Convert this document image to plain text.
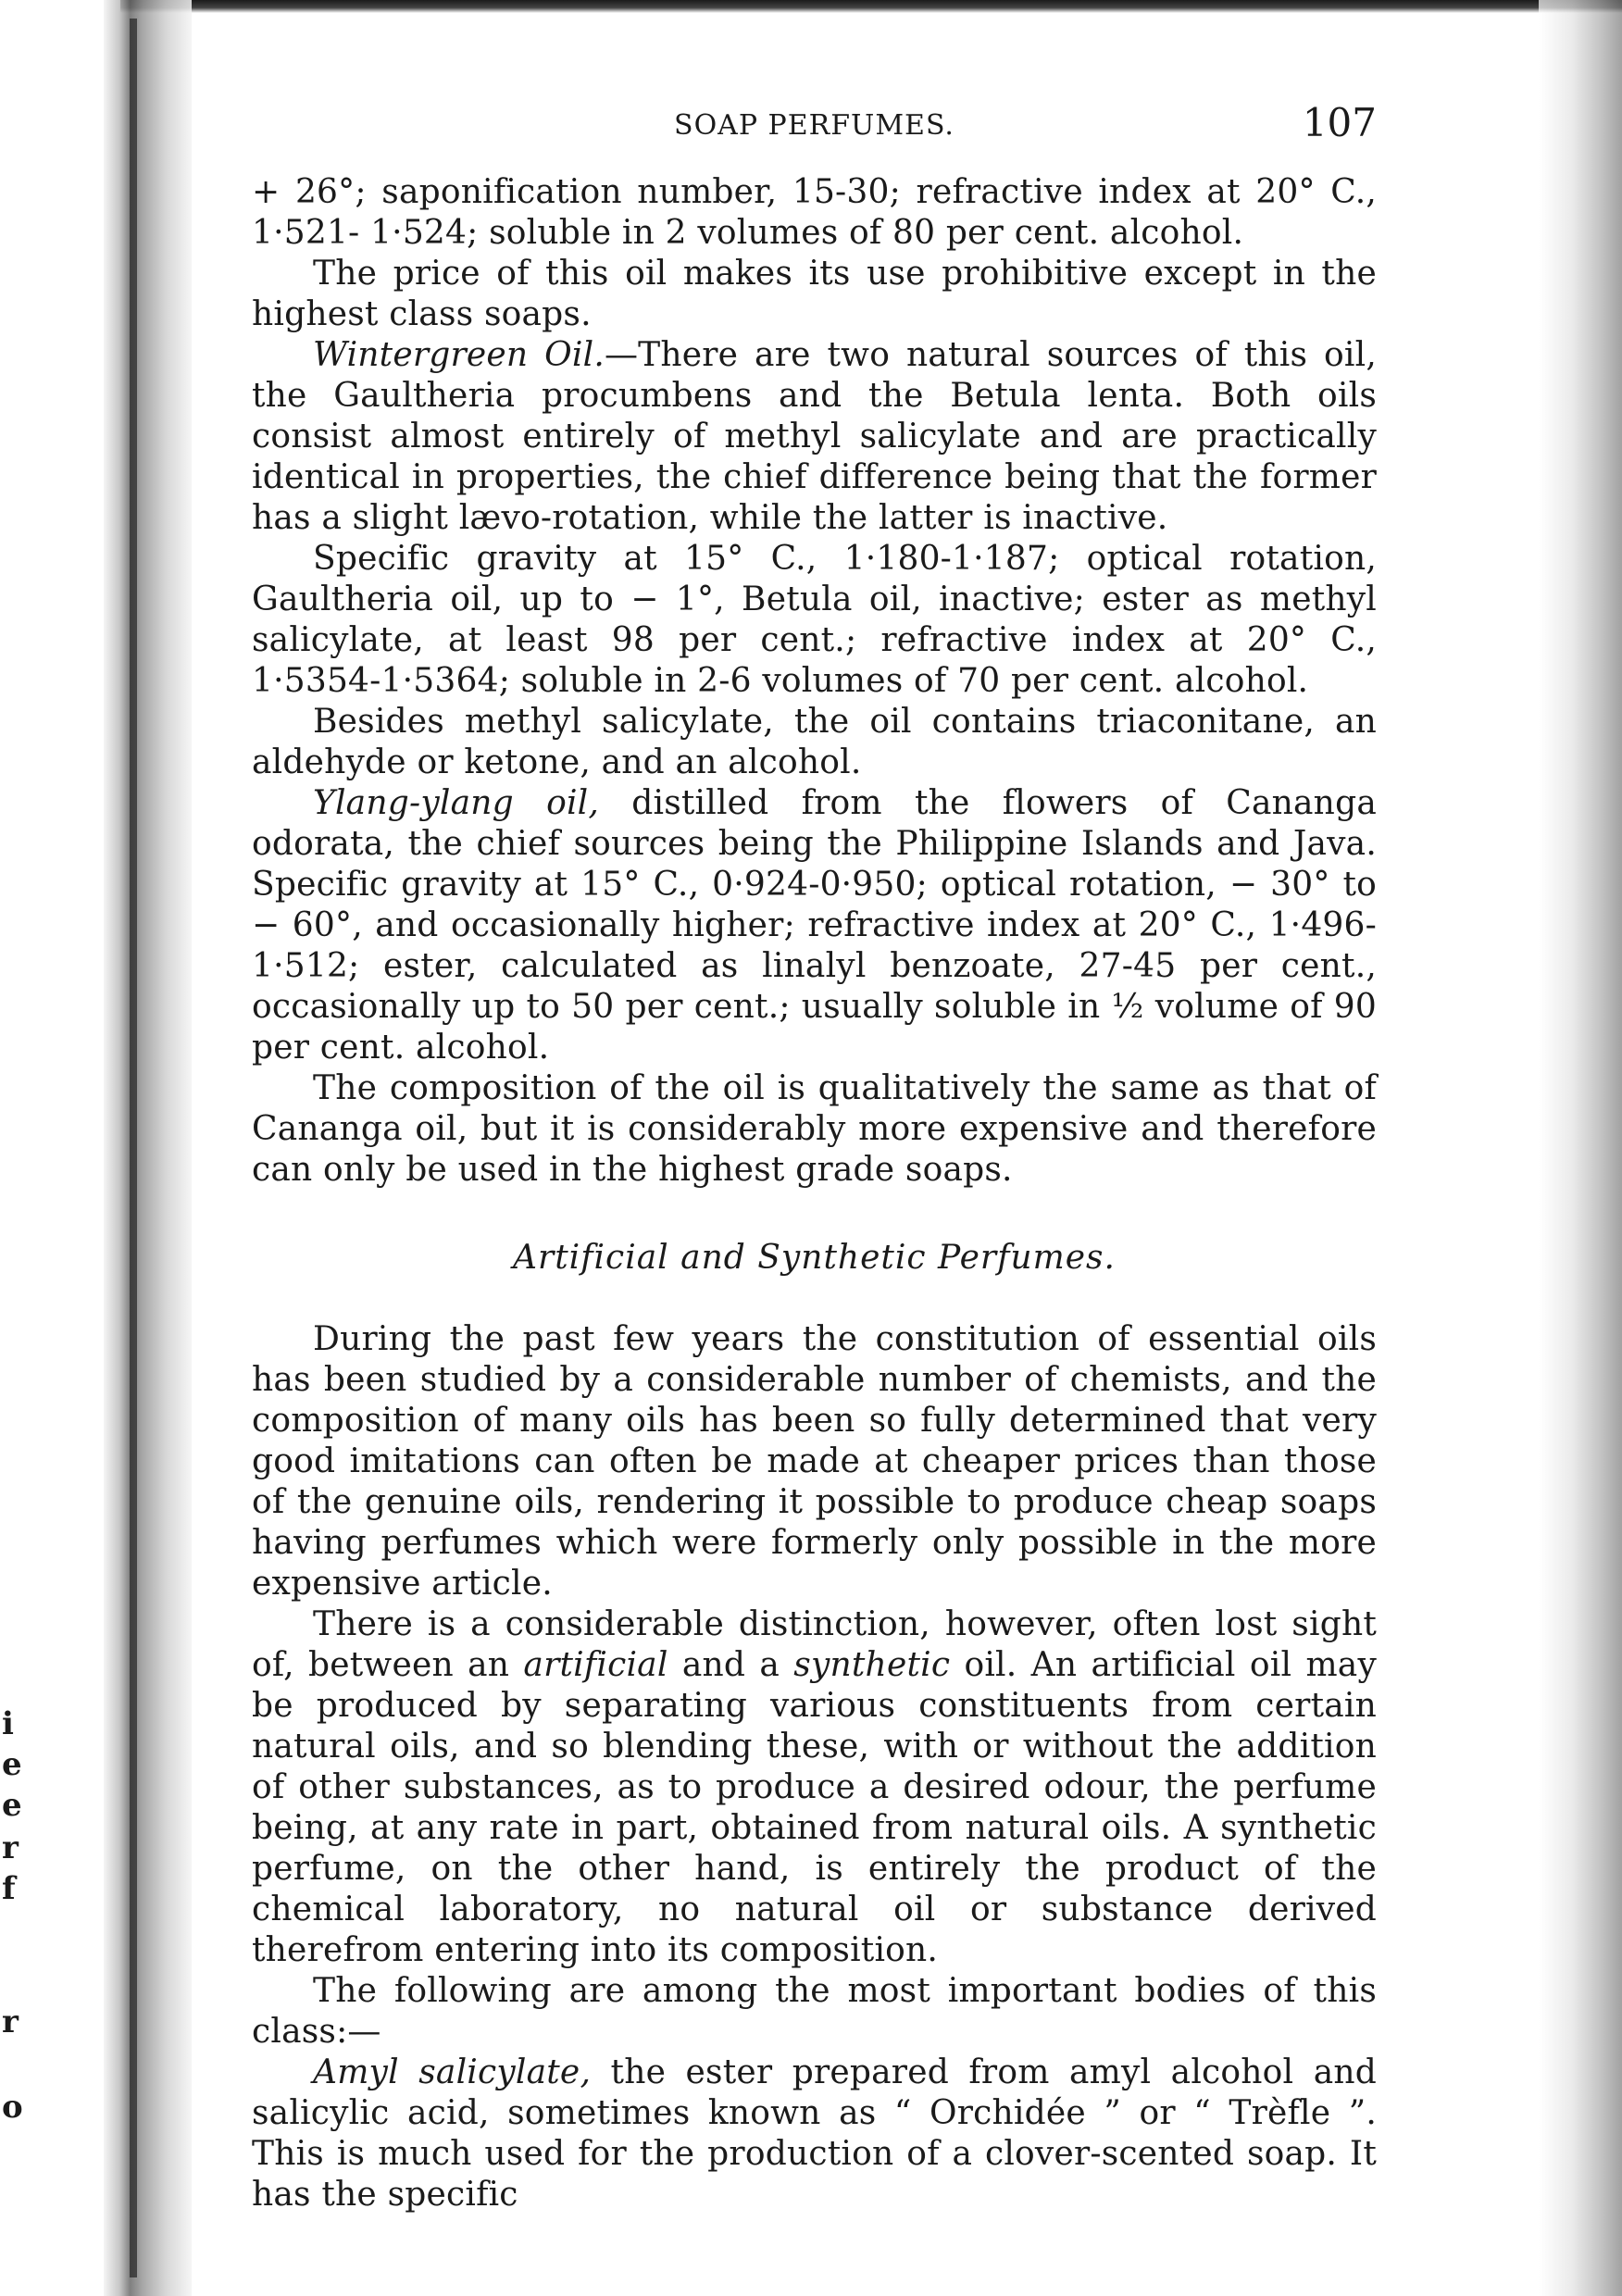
i
e
e
r
f
r
o
SOAP PERFUMES.	107

+ 26°; saponification number, 15-30; refractive index at 20° C., 1·521- 1·524; soluble in 2 volumes of 80 per cent. alcohol.

The price of this oil makes its use prohibitive except in the highest class soaps.

Wintergreen Oil.—There are two natural sources of this oil, the Gaultheria procumbens and the Betula lenta. Both oils consist almost entirely of methyl salicylate and are practically identical in properties, the chief difference being that the former has a slight lævo-rotation, while the latter is inactive.

Specific gravity at 15° C., 1·180-1·187; optical rotation, Gaultheria oil, up to − 1°, Betula oil, inactive; ester as methyl salicylate, at least 98 per cent.; refractive index at 20° C., 1·5354-1·5364; soluble in 2-6 volumes of 70 per cent. alcohol.

Besides methyl salicylate, the oil contains triaconitane, an aldehyde or ketone, and an alcohol.

Ylang-ylang oil, distilled from the flowers of Cananga odorata, the chief sources being the Philippine Islands and Java. Specific gravity at 15° C., 0·924-0·950; optical rotation, − 30° to − 60°, and occasionally higher; refractive index at 20° C., 1·496-1·512; ester, calculated as linalyl benzoate, 27-45 per cent., occasionally up to 50 per cent.; usually soluble in ½ volume of 90 per cent. alcohol.

The composition of the oil is qualitatively the same as that of Cananga oil, but it is considerably more expensive and therefore can only be used in the highest grade soaps.

Artificial and Synthetic Perfumes.

During the past few years the constitution of essential oils has been studied by a considerable number of chemists, and the composition of many oils has been so fully determined that very good imitations can often be made at cheaper prices than those of the genuine oils, rendering it possible to produce cheap soaps having perfumes which were formerly only possible in the more expensive article.

There is a considerable distinction, however, often lost sight of, between an artificial and a synthetic oil. An artificial oil may be produced by separating various constituents from certain natural oils, and so blending these, with or without the addition of other substances, as to produce a desired odour, the perfume being, at any rate in part, obtained from natural oils. A synthetic perfume, on the other hand, is entirely the product of the chemical laboratory, no natural oil or substance derived therefrom entering into its composition.

The following are among the most important bodies of this class:—

Amyl salicylate, the ester prepared from amyl alcohol and salicylic acid, sometimes known as “ Orchidée ” or “ Trèfle ”. This is much used for the production of a clover-scented soap. It has the specific
